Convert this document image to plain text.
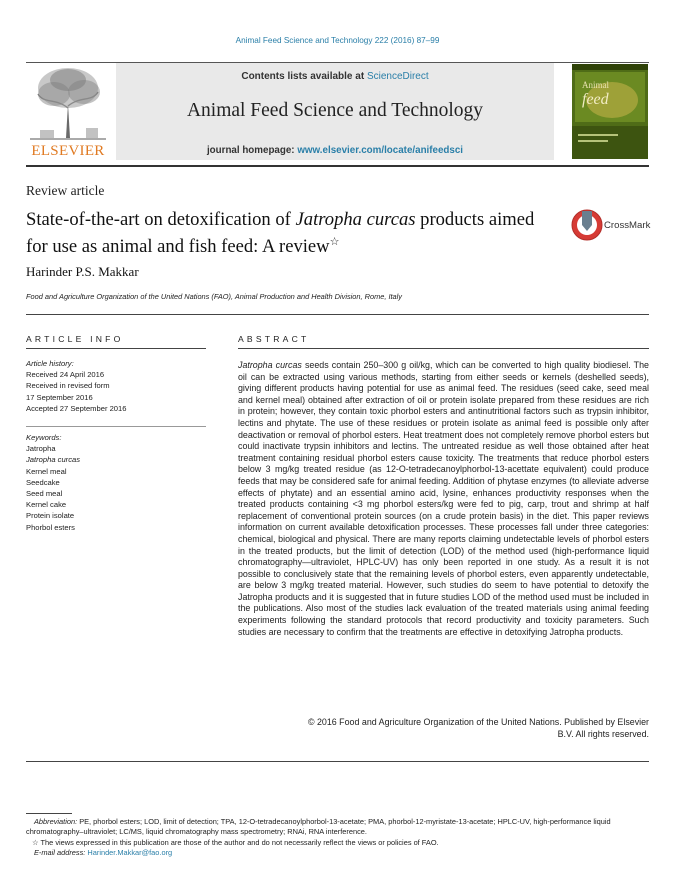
Animal Feed Science and Technology 222 (2016) 87–99
Contents lists available at ScienceDirect
Animal Feed Science and Technology
journal homepage: www.elsevier.com/locate/anifeedsci
ELSEVIER
Animal
feed
Review article
State-of-the-art on detoxification of Jatropha curcas products aimed for use as animal and fish feed: A review☆
Harinder P.S. Makkar
Food and Agriculture Organization of the United Nations (FAO), Animal Production and Health Division, Rome, Italy
CrossMark
ARTICLE INFO	ABSTRACT
Article history:
Received 24 April 2016
Received in revised form
17 September 2016
Accepted 27 September 2016
Keywords:
Jatropha
Jatropha curcas
Kernel meal
Seedcake
Seed meal
Kernel cake
Protein isolate
Phorbol esters
Jatropha curcas seeds contain 250–300 g oil/kg, which can be converted to high quality biodiesel. The oil can be extracted using various methods, starting from either seeds or kernels (deshelled seeds), giving different products having potential for use as animal feed. The residues (seed cake, seed meal and kernel meal) obtained after extraction of oil or protein isolate prepared from these residues are rich in protein; however, they contain toxic phorbol esters and antinutritional factors such as trypsin inhibitor, lectins and phytate. The use of these residues or protein isolate as animal feed is possible only after deactivation or removal of phorbol esters. Heat treatment does not completely remove phorbol esters but could inactivate trypsin inhibitors and lectins. The untreated residue as well those obtained after heat treatment containing residual phorbol esters cause toxicity. The treatments that reduce phorbol esters below 3 mg/kg treated residue (as 12-O-tetradecanoylphorbol-13-acettate equivalent) could produce feeds that may be considered safe for animal feeding. Addition of phytase enzymes (to alleviate adverse effects of phytate) and an essential amino acid, lysine, enhances productivity responses when the treated products containing <3 mg phorbol esters/kg were fed to pig, carp, trout and shrimp at half replacement of conventional protein sources (on a crude protein basis) in the diet. This paper reviews information on current available detoxification processes. These processes fall under three categories: chemical, biological and physical. There are many reports claiming undetectable levels of phorbol esters in the treated products, but the limit of detection (LOD) of the method used (high-performance liquid chromatography—ultraviolet, HPLC-UV) has only been reported in one study. As a result it is not possible to conclusively state that the remaining levels of phorbol esters, even apparently undetectable, are below 3 mg/kg treated material. However, such studies do seem to have potential to detoxify the Jatropha products and it is suggested that in future studies LOD of the method used must be included in the publications. Also most of the studies lack evaluation of the treated materials using animal feeding experiments following the standard protocols that record productivity and toxicity parameters. Such studies are necessary to confirm that the treatments are effective in detoxifying Jatropha products.
© 2016 Food and Agriculture Organization of the United Nations. Published by Elsevier
B.V. All rights reserved.
Abbreviation: PE, phorbol esters; LOD, limit of detection; TPA, 12-O-tetradecanoylphorbol-13-acetate; PMA, phorbol-12-myristate-13-acetate; HPLC-UV, high-performance liquid chromatography–ultraviolet; LC/MS, liquid chromatography mass spectrometry; RNAi, RNA interference.
☆ The views expressed in this publication are those of the author and do not necessarily reflect the views or policies of FAO.
E-mail address: Harinder.Makkar@fao.org
